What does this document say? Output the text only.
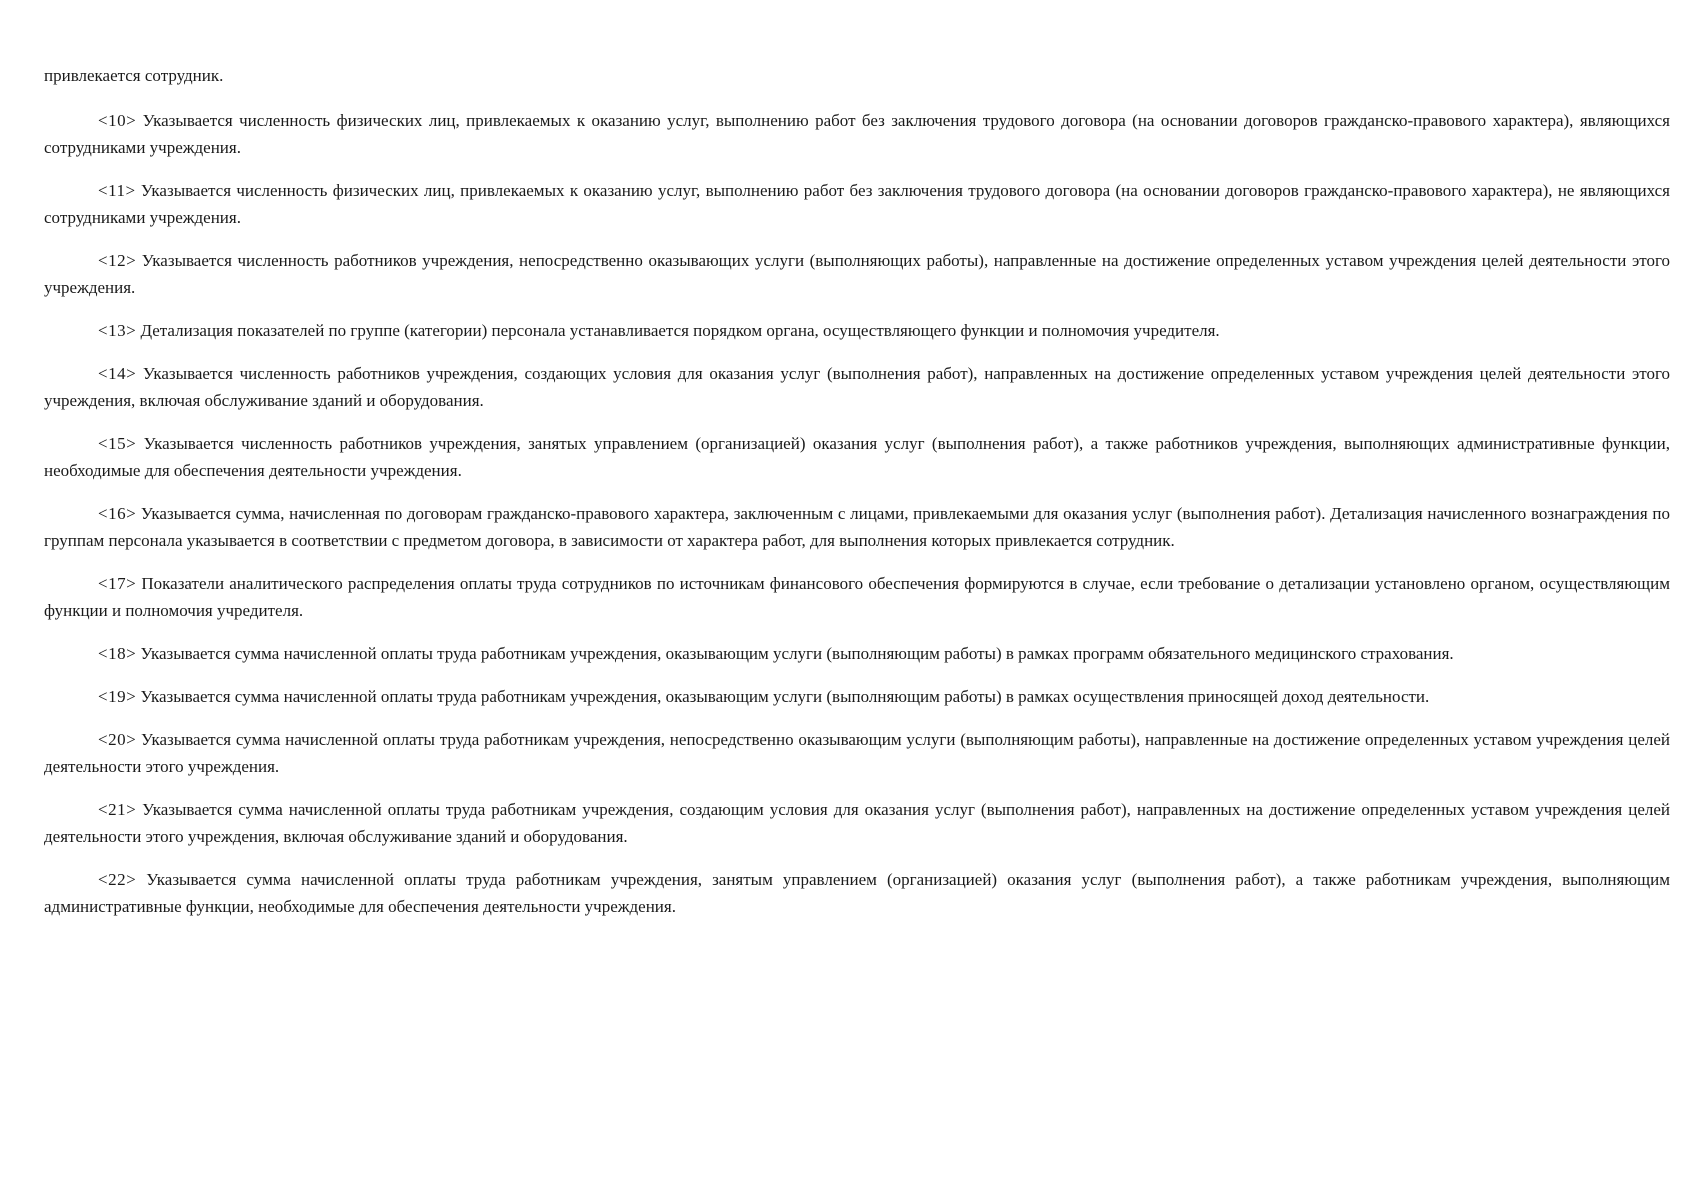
привлекается сотрудник.

<10> Указывается численность физических лиц, привлекаемых к оказанию услуг, выполнению работ без заключения трудового договора (на основании договоров гражданско-правового характера), являющихся сотрудниками учреждения.

<11> Указывается численность физических лиц, привлекаемых к оказанию услуг, выполнению работ без заключения трудового договора (на основании договоров гражданско-правового характера), не являющихся сотрудниками учреждения.

<12> Указывается численность работников учреждения, непосредственно оказывающих услуги (выполняющих работы), направленные на достижение определенных уставом учреждения целей деятельности этого учреждения.

<13> Детализация показателей по группе (категории) персонала устанавливается порядком органа, осуществляющего функции и полномочия учредителя.

<14> Указывается численность работников учреждения, создающих условия для оказания услуг (выполнения работ), направленных на достижение определенных уставом учреждения целей деятельности этого учреждения, включая обслуживание зданий и оборудования.

<15> Указывается численность работников учреждения, занятых управлением (организацией) оказания услуг (выполнения работ), а также работников учреждения, выполняющих административные функции, необходимые для обеспечения деятельности учреждения.

<16> Указывается сумма, начисленная по договорам гражданско-правового характера, заключенным с лицами, привлекаемыми для оказания услуг (выполнения работ). Детализация начисленного вознаграждения по группам персонала указывается в соответствии с предметом договора, в зависимости от характера работ, для выполнения которых привлекается сотрудник.

<17> Показатели аналитического распределения оплаты труда сотрудников по источникам финансового обеспечения формируются в случае, если требование о детализации установлено органом, осуществляющим функции и полномочия учредителя.

<18> Указывается сумма начисленной оплаты труда работникам учреждения, оказывающим услуги (выполняющим работы) в рамках программ обязательного медицинского страхования.

<19> Указывается сумма начисленной оплаты труда работникам учреждения, оказывающим услуги (выполняющим работы) в рамках осуществления приносящей доход деятельности.

<20> Указывается сумма начисленной оплаты труда работникам учреждения, непосредственно оказывающим услуги (выполняющим работы), направленные на достижение определенных уставом учреждения целей деятельности этого учреждения.

<21> Указывается сумма начисленной оплаты труда работникам учреждения, создающим условия для оказания услуг (выполнения работ), направленных на достижение определенных уставом учреждения целей деятельности этого учреждения, включая обслуживание зданий и оборудования.

<22> Указывается сумма начисленной оплаты труда работникам учреждения, занятым управлением (организацией) оказания услуг (выполнения работ), а также работникам учреждения, выполняющим административные функции, необходимые для обеспечения деятельности учреждения.
